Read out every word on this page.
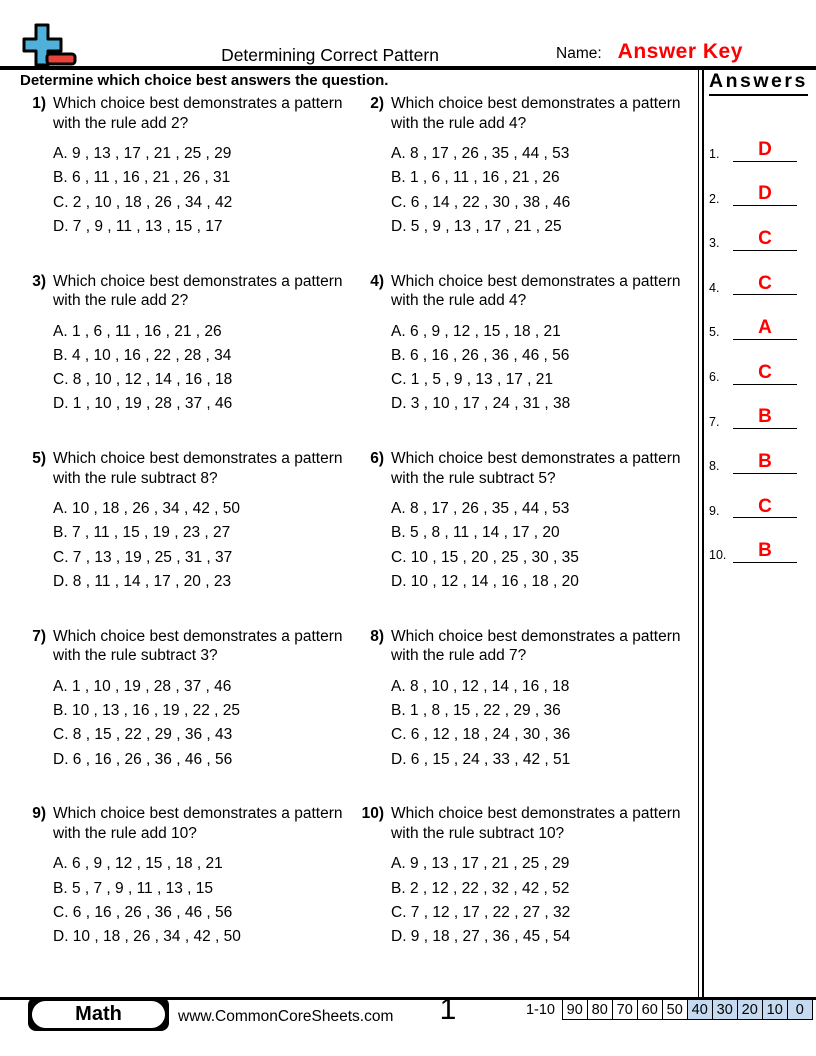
Determining Correct Pattern	Name: Answer Key
Determine which choice best answers the question.
1) Which choice best demonstrates a pattern with the rule add 2?
A. 9 , 13 , 17 , 21 , 25 , 29
B. 6 , 11 , 16 , 21 , 26 , 31
C. 2 , 10 , 18 , 26 , 34 , 42
D. 7 , 9 , 11 , 13 , 15 , 17
2) Which choice best demonstrates a pattern with the rule add 4?
A. 8 , 17 , 26 , 35 , 44 , 53
B. 1 , 6 , 11 , 16 , 21 , 26
C. 6 , 14 , 22 , 30 , 38 , 46
D. 5 , 9 , 13 , 17 , 21 , 25
3) Which choice best demonstrates a pattern with the rule add 2?
A. 1 , 6 , 11 , 16 , 21 , 26
B. 4 , 10 , 16 , 22 , 28 , 34
C. 8 , 10 , 12 , 14 , 16 , 18
D. 1 , 10 , 19 , 28 , 37 , 46
4) Which choice best demonstrates a pattern with the rule add 4?
A. 6 , 9 , 12 , 15 , 18 , 21
B. 6 , 16 , 26 , 36 , 46 , 56
C. 1 , 5 , 9 , 13 , 17 , 21
D. 3 , 10 , 17 , 24 , 31 , 38
5) Which choice best demonstrates a pattern with the rule subtract 8?
A. 10 , 18 , 26 , 34 , 42 , 50
B. 7 , 11 , 15 , 19 , 23 , 27
C. 7 , 13 , 19 , 25 , 31 , 37
D. 8 , 11 , 14 , 17 , 20 , 23
6) Which choice best demonstrates a pattern with the rule subtract 5?
A. 8 , 17 , 26 , 35 , 44 , 53
B. 5 , 8 , 11 , 14 , 17 , 20
C. 10 , 15 , 20 , 25 , 30 , 35
D. 10 , 12 , 14 , 16 , 18 , 20
7) Which choice best demonstrates a pattern with the rule subtract 3?
A. 1 , 10 , 19 , 28 , 37 , 46
B. 10 , 13 , 16 , 19 , 22 , 25
C. 8 , 15 , 22 , 29 , 36 , 43
D. 6 , 16 , 26 , 36 , 46 , 56
8) Which choice best demonstrates a pattern with the rule add 7?
A. 8 , 10 , 12 , 14 , 16 , 18
B. 1 , 8 , 15 , 22 , 29 , 36
C. 6 , 12 , 18 , 24 , 30 , 36
D. 6 , 15 , 24 , 33 , 42 , 51
9) Which choice best demonstrates a pattern with the rule add 10?
A. 6 , 9 , 12 , 15 , 18 , 21
B. 5 , 7 , 9 , 11 , 13 , 15
C. 6 , 16 , 26 , 36 , 46 , 56
D. 10 , 18 , 26 , 34 , 42 , 50
10) Which choice best demonstrates a pattern with the rule subtract 10?
A. 9 , 13 , 17 , 21 , 25 , 29
B. 2 , 12 , 22 , 32 , 42 , 52
C. 7 , 12 , 17 , 22 , 27 , 32
D. 9 , 18 , 27 , 36 , 45 , 54
Answers
1.	D
2.	D
3.	C
4.	C
5.	A
6.	C
7.	B
8.	B
9.	C
10.	B
Math	www.CommonCoreSheets.com	1	1-10 90 80 70 60 50 40 30 20 10 0
